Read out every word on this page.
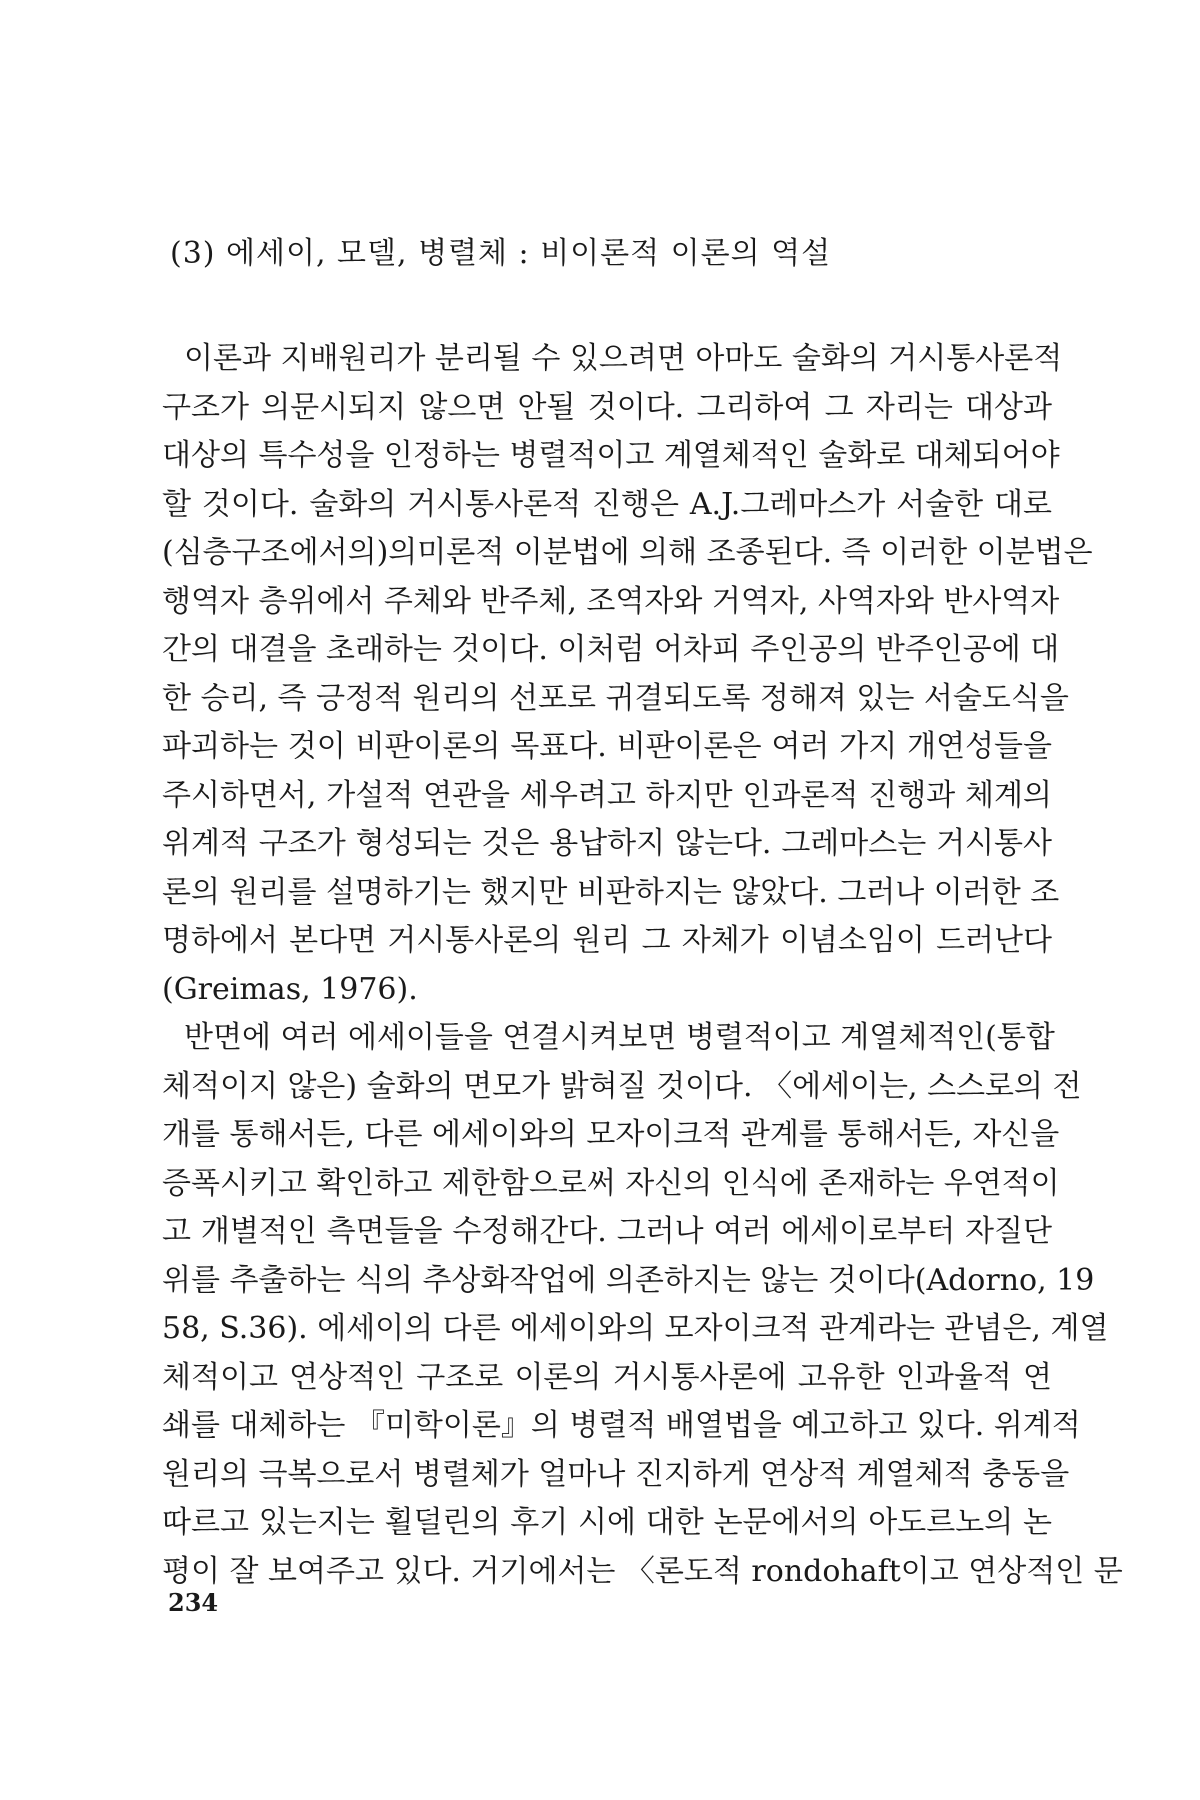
(3) 에세이, 모델, 병렬체 : 비이론적 이론의 역설
이론과 지배원리가 분리될 수 있으려면 아마도 술화의 거시통사론적
구조가 의문시되지 않으면 안될 것이다. 그리하여 그 자리는 대상과
대상의 특수성을 인정하는 병렬적이고 계열체적인 술화로 대체되어야
할 것이다. 술화의 거시통사론적 진행은 A.J.그레마스가 서술한 대로
(심층구조에서의)의미론적 이분법에 의해 조종된다. 즉 이러한 이분법은
행역자 층위에서 주체와 반주체, 조역자와 거역자, 사역자와 반사역자
간의 대결을 초래하는 것이다. 이처럼 어차피 주인공의 반주인공에 대
한 승리, 즉 긍정적 원리의 선포로 귀결되도록 정해져 있는 서술도식을
파괴하는 것이 비판이론의 목표다. 비판이론은 여러 가지 개연성들을
주시하면서, 가설적 연관을 세우려고 하지만 인과론적 진행과 체계의
위계적 구조가 형성되는 것은 용납하지 않는다. 그레마스는 거시통사
론의 원리를 설명하기는 했지만 비판하지는 않았다. 그러나 이러한 조
명하에서 본다면 거시통사론의 원리 그 자체가 이념소임이 드러난다
(Greimas, 1976).
반면에 여러 에세이들을 연결시켜보면 병렬적이고 계열체적인(통합
체적이지 않은) 술화의 면모가 밝혀질 것이다. 〈에세이는, 스스로의 전
개를 통해서든, 다른 에세이와의 모자이크적 관계를 통해서든, 자신을
증폭시키고 확인하고 제한함으로써 자신의 인식에 존재하는 우연적이
고 개별적인 측면들을 수정해간다. 그러나 여러 에세이로부터 자질단
위를 추출하는 식의 추상화작업에 의존하지는 않는 것이다(Adorno, 19
58, S.36). 에세이의 다른 에세이와의 모자이크적 관계라는 관념은, 계열
체적이고 연상적인 구조로 이론의 거시통사론에 고유한 인과율적 연
쇄를 대체하는 『미학이론』의 병렬적 배열법을 예고하고 있다. 위계적
원리의 극복으로서 병렬체가 얼마나 진지하게 연상적 계열체적 충동을
따르고 있는지는 횔덜린의 후기 시에 대한 논문에서의 아도르노의 논
평이 잘 보여주고 있다. 거기에서는 〈론도적 rondohaft이고 연상적인 문
234
